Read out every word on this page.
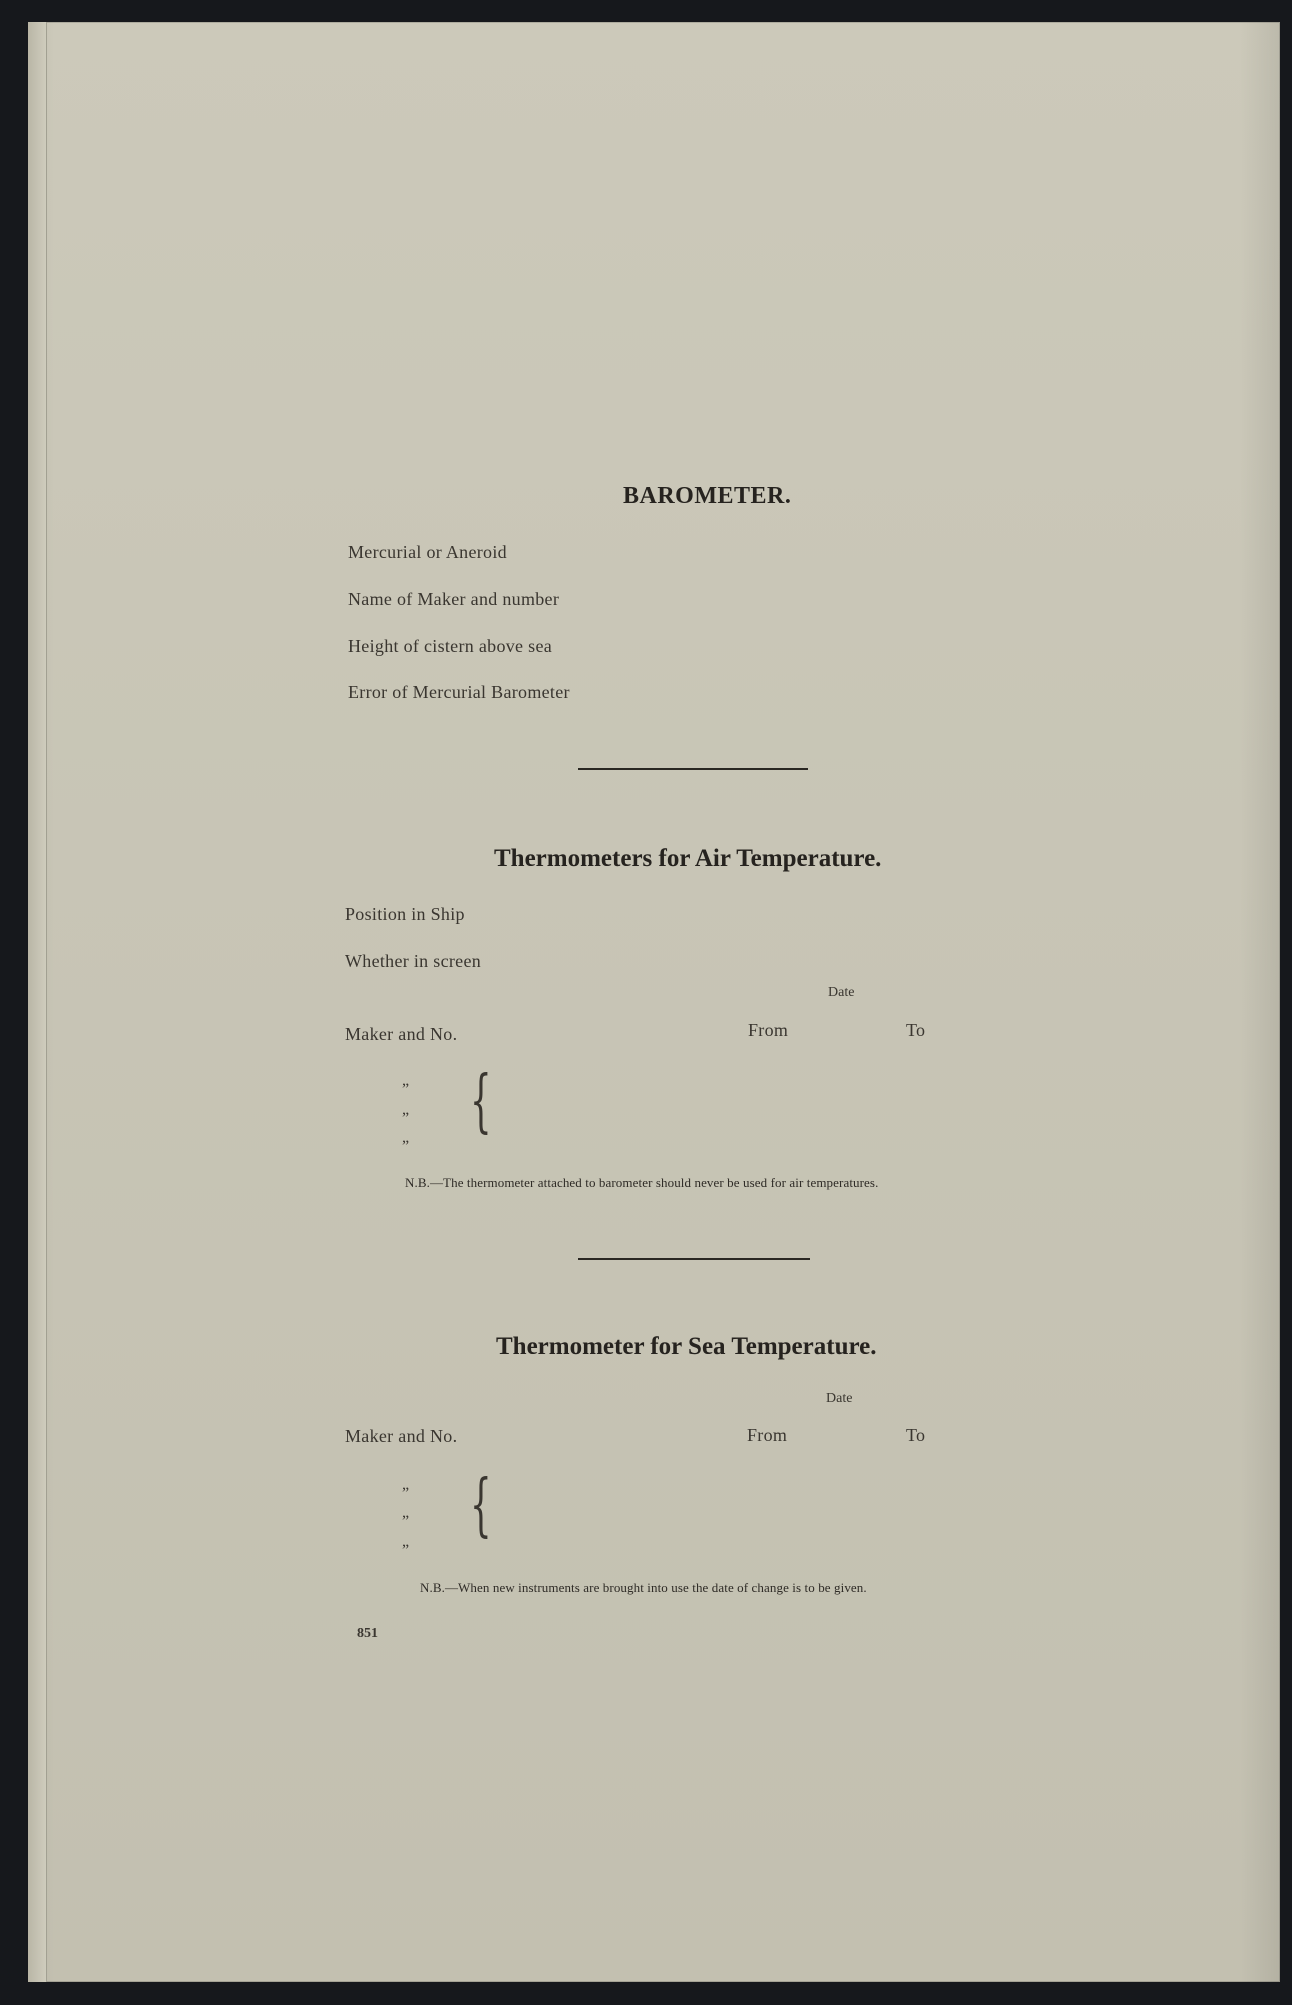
BAROMETER.
Mercurial or Aneroid
Name of Maker and number
Height of cistern above sea
Error of Mercurial Barometer
Thermometers for Air Temperature.
Position in Ship
Whether in screen
Date
Maker and No.	From	To
”
”
”
{
N.B.—The thermometer attached to barometer should never be used for air temperatures.
Thermometer for Sea Temperature.
Date
Maker and No.	From	To
”
”
”
{
N.B.—When new instruments are brought into use the date of change is to be given.
851
